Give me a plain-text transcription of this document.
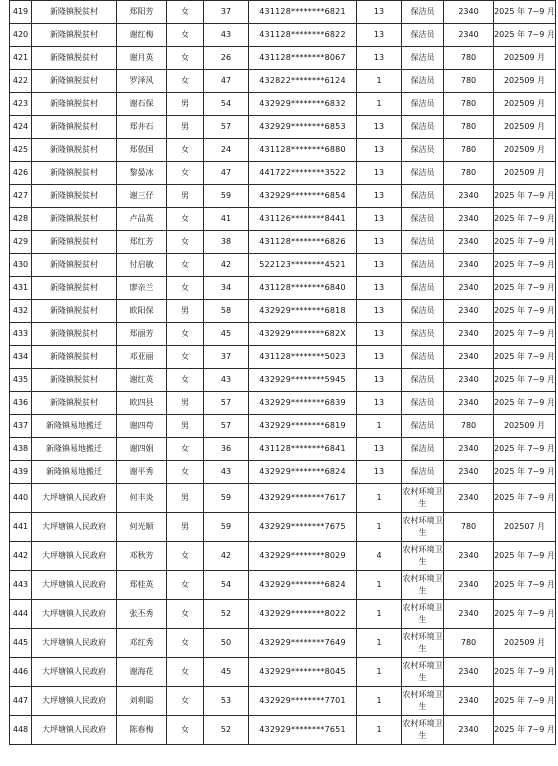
419	新隆镇脱贫村	郑阳芳	女	37	431128********6821	13	保洁员	2340	2025 年 7~9 月
420	新隆镇脱贫村	谢红梅	女	43	431128********6822	13	保洁员	2340	2025 年 7~9 月
421	新隆镇脱贫村	谢月英	女	26	431128********8067	13	保洁员	780	202509 月
422	新隆镇脱贫村	罗泽风	女	47	432822********6124	1	保洁员	780	202509 月
423	新隆镇脱贫村	谢石保	男	54	432929********6832	1	保洁员	780	202509 月
424	新隆镇脱贫村	郑井石	男	57	432929********6853	13	保洁员	780	202509 月
425	新隆镇脱贫村	郑依国	女	24	431128********6880	13	保洁员	780	202509 月
426	新隆镇脱贫村	黎晏冰	女	47	441722********3522	13	保洁员	780	202509 月
427	新隆镇脱贫村	谢三仔	男	59	432929********6854	13	保洁员	2340	2025 年 7~9 月
428	新隆镇脱贫村	卢品英	女	41	431126********8441	13	保洁员	2340	2025 年 7~9 月
429	新隆镇脱贫村	郑红芳	女	38	431128********6826	13	保洁员	2340	2025 年 7~9 月
430	新隆镇脱贫村	付启敏	女	42	522123********4521	13	保洁员	2340	2025 年 7~9 月
431	新隆镇脱贫村	廖亲兰	女	34	431128********6840	13	保洁员	2340	2025 年 7~9 月
432	新隆镇脱贫村	欧阳保	男	58	432929********6818	13	保洁员	2340	2025 年 7~9 月
433	新隆镇脱贫村	郑丽芳	女	45	432929********682X	13	保洁员	2340	2025 年 7~9 月
434	新隆镇脱贫村	邓亚丽	女	37	431128********5023	13	保洁员	2340	2025 年 7~9 月
435	新隆镇脱贫村	谢红英	女	43	432929********5945	13	保洁员	2340	2025 年 7~9 月
436	新隆镇脱贫村	欧四县	男	57	432929********6839	13	保洁员	2340	2025 年 7~9 月
437	新隆镇易地搬迁	谢四苟	男	57	432929********6819	1	保洁员	780	202509 月
438	新隆镇易地搬迁	谢四娟	女	36	431128********6841	13	保洁员	2340	2025 年 7~9 月
439	新隆镇易地搬迁	谢平秀	女	43	432929********6824	13	保洁员	2340	2025 年 7~9 月
440	大坪塘镇人民政府	何丰炎	男	59	432929********7617	1	农村环境卫生	2340	2025 年 7~9 月
441	大坪塘镇人民政府	何光顺	男	59	432929********7675	1	农村环境卫生	780	202507 月
442	大坪塘镇人民政府	邓秋芳	女	42	432929********8029	4	农村环境卫生	2340	2025 年 7~9 月
443	大坪塘镇人民政府	郑桂英	女	54	432929********6824	1	农村环境卫生	2340	2025 年 7~9 月
444	大坪塘镇人民政府	张丕秀	女	52	432929********8022	1	农村环境卫生	2340	2025 年 7~9 月
445	大坪塘镇人民政府	邓红秀	女	50	432929********7649	1	农村环境卫生	780	202509 月
446	大坪塘镇人民政府	谢海花	女	45	432929********8045	1	农村环境卫生	2340	2025 年 7~9 月
447	大坪塘镇人民政府	刘利聪	女	53	432929********7701	1	农村环境卫生	2340	2025 年 7~9 月
448	大坪塘镇人民政府	陈春梅	女	52	432929********7651	1	农村环境卫生	2340	2025 年 7~9 月
